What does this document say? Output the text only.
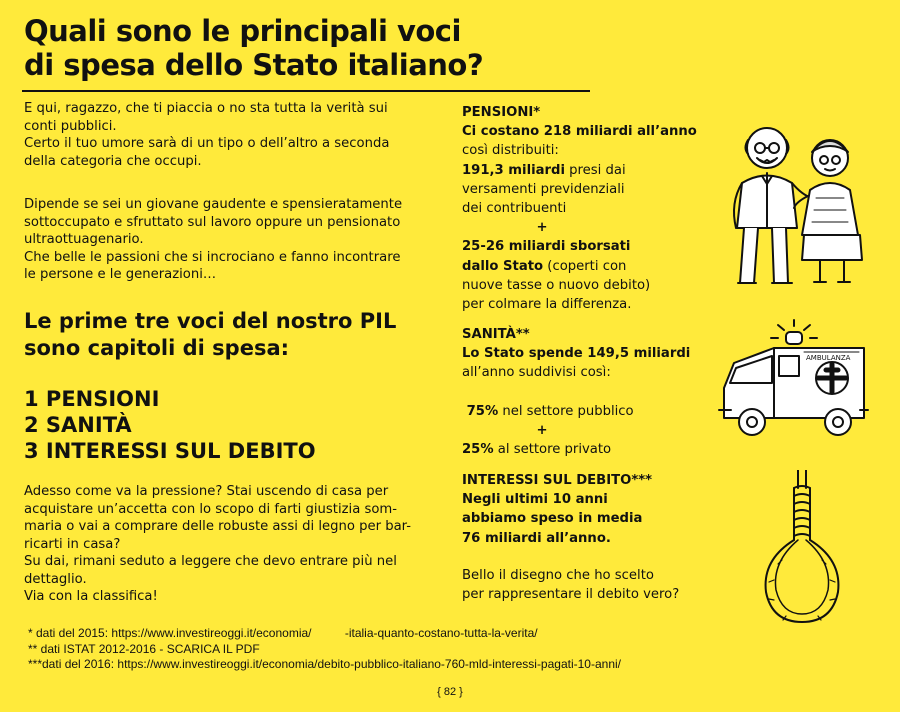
Quali sono le principali voci
di spesa dello Stato italiano?
E qui, ragazzo, che ti piaccia o no sta tutta la verità sui
conti pubblici.
Certo il tuo umore sarà di un tipo o dell’altro a seconda
della categoria che occupi.
Dipende se sei un giovane gaudente e spensieratamente
sottoccupato e sfruttato sul lavoro oppure un pensionato
ultraottuagenario.
Che belle le passioni che si incrociano e fanno incontrare
le persone e le generazioni…
Le prime tre voci del nostro PIL
sono capitoli di spesa:
1 PENSIONI
2 SANITÀ
3 INTERESSI SUL DEBITO
Adesso come va la pressione? Stai uscendo di casa per
acquistare un’accetta con lo scopo di farti giustizia som-
maria o vai a comprare delle robuste assi di legno per bar-
ricarti in casa?
Su dai, rimani seduto a leggere che devo entrare più nel
dettaglio.
Via con la classifica!
PENSIONI*
Ci costano 218 miliardi all’anno
così distribuiti:
191,3 miliardi presi dai
versamenti previdenziali
dei contribuenti
+
25-26 miliardi sborsati
dallo Stato (coperti con
nuove tasse o nuovo debito)
per colmare la differenza.
SANITÀ**
Lo Stato spende 149,5 miliardi
all’anno suddivisi così:
75% nel settore pubblico
+
25% al settore privato
INTERESSI SUL DEBITO***
Negli ultimi 10 anni
abbiamo speso in media
76 miliardi all’anno.
Bello il disegno che ho scelto
per rappresentare il debito vero?
AMBULANZA
* dati del 2015: https://www.investireoggi.it/economia/          -italia-quanto-costano-tutta-la-verita/
** dati ISTAT 2012-2016 - SCARICA IL PDF
***dati del 2016: https://www.investireoggi.it/economia/debito-pubblico-italiano-760-mld-interessi-pagati-10-anni/
{ 82 }
